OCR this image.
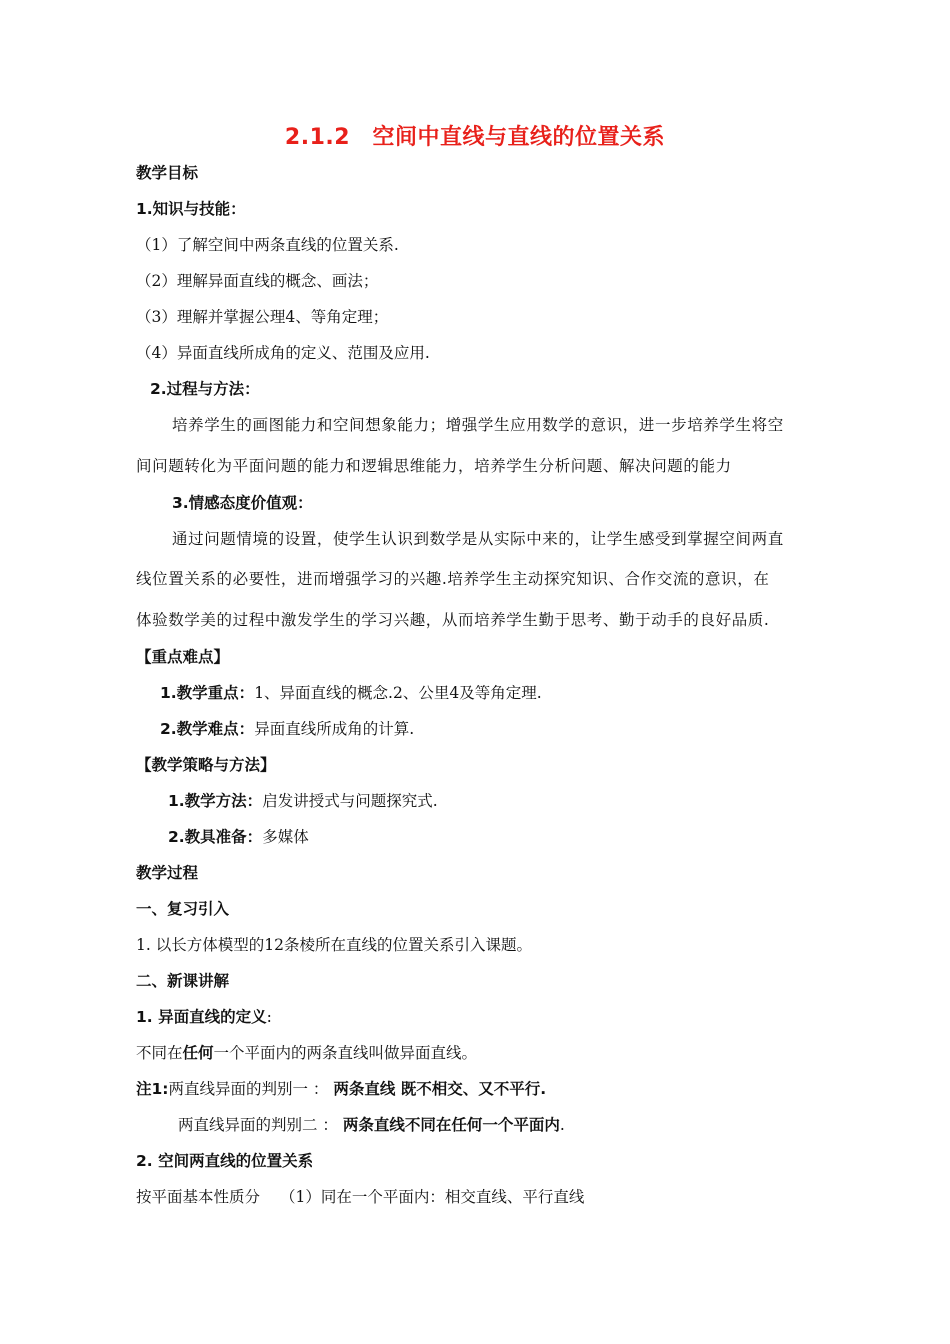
2.1.2　空间中直线与直线的位置关系
教学目标
1.知识与技能：
（1）了解空间中两条直线的位置关系.
（2）理解异面直线的概念、画法；
（3）理解并掌握公理4、等角定理；
（4）异面直线所成角的定义、范围及应用.
2.过程与方法：
培养学生的画图能力和空间想象能力；增强学生应用数学的意识，进一步培养学生将空
间问题转化为平面问题的能力和逻辑思维能力，培养学生分析问题、解决问题的能力
3.情感态度价值观：
通过问题情境的设置，使学生认识到数学是从实际中来的，让学生感受到掌握空间两直
线位置关系的必要性，进而增强学习的兴趣.培养学生主动探究知识、合作交流的意识，在
体验数学美的过程中激发学生的学习兴趣，从而培养学生勤于思考、勤于动手的良好品质.
【重点难点】
1.教学重点：1、异面直线的概念.2、公里4及等角定理.
2.教学难点：异面直线所成角的计算.
【教学策略与方法】
1.教学方法：启发讲授式与问题探究式.
2.教具准备：多媒体
教学过程
一、复习引入
1. 以长方体模型的12条棱所在直线的位置关系引入课题。
二、新课讲解
1. 异面直线的定义:
不同在任何一个平面内的两条直线叫做异面直线。
注1:两直线异面的判别一 ： 两条直线 既不相交、又不平行.
两直线异面的判别二 ： 两条直线不同在任何一个平面内.
2. 空间两直线的位置关系
按平面基本性质分 （1）同在一个平面内：相交直线、平行直线
